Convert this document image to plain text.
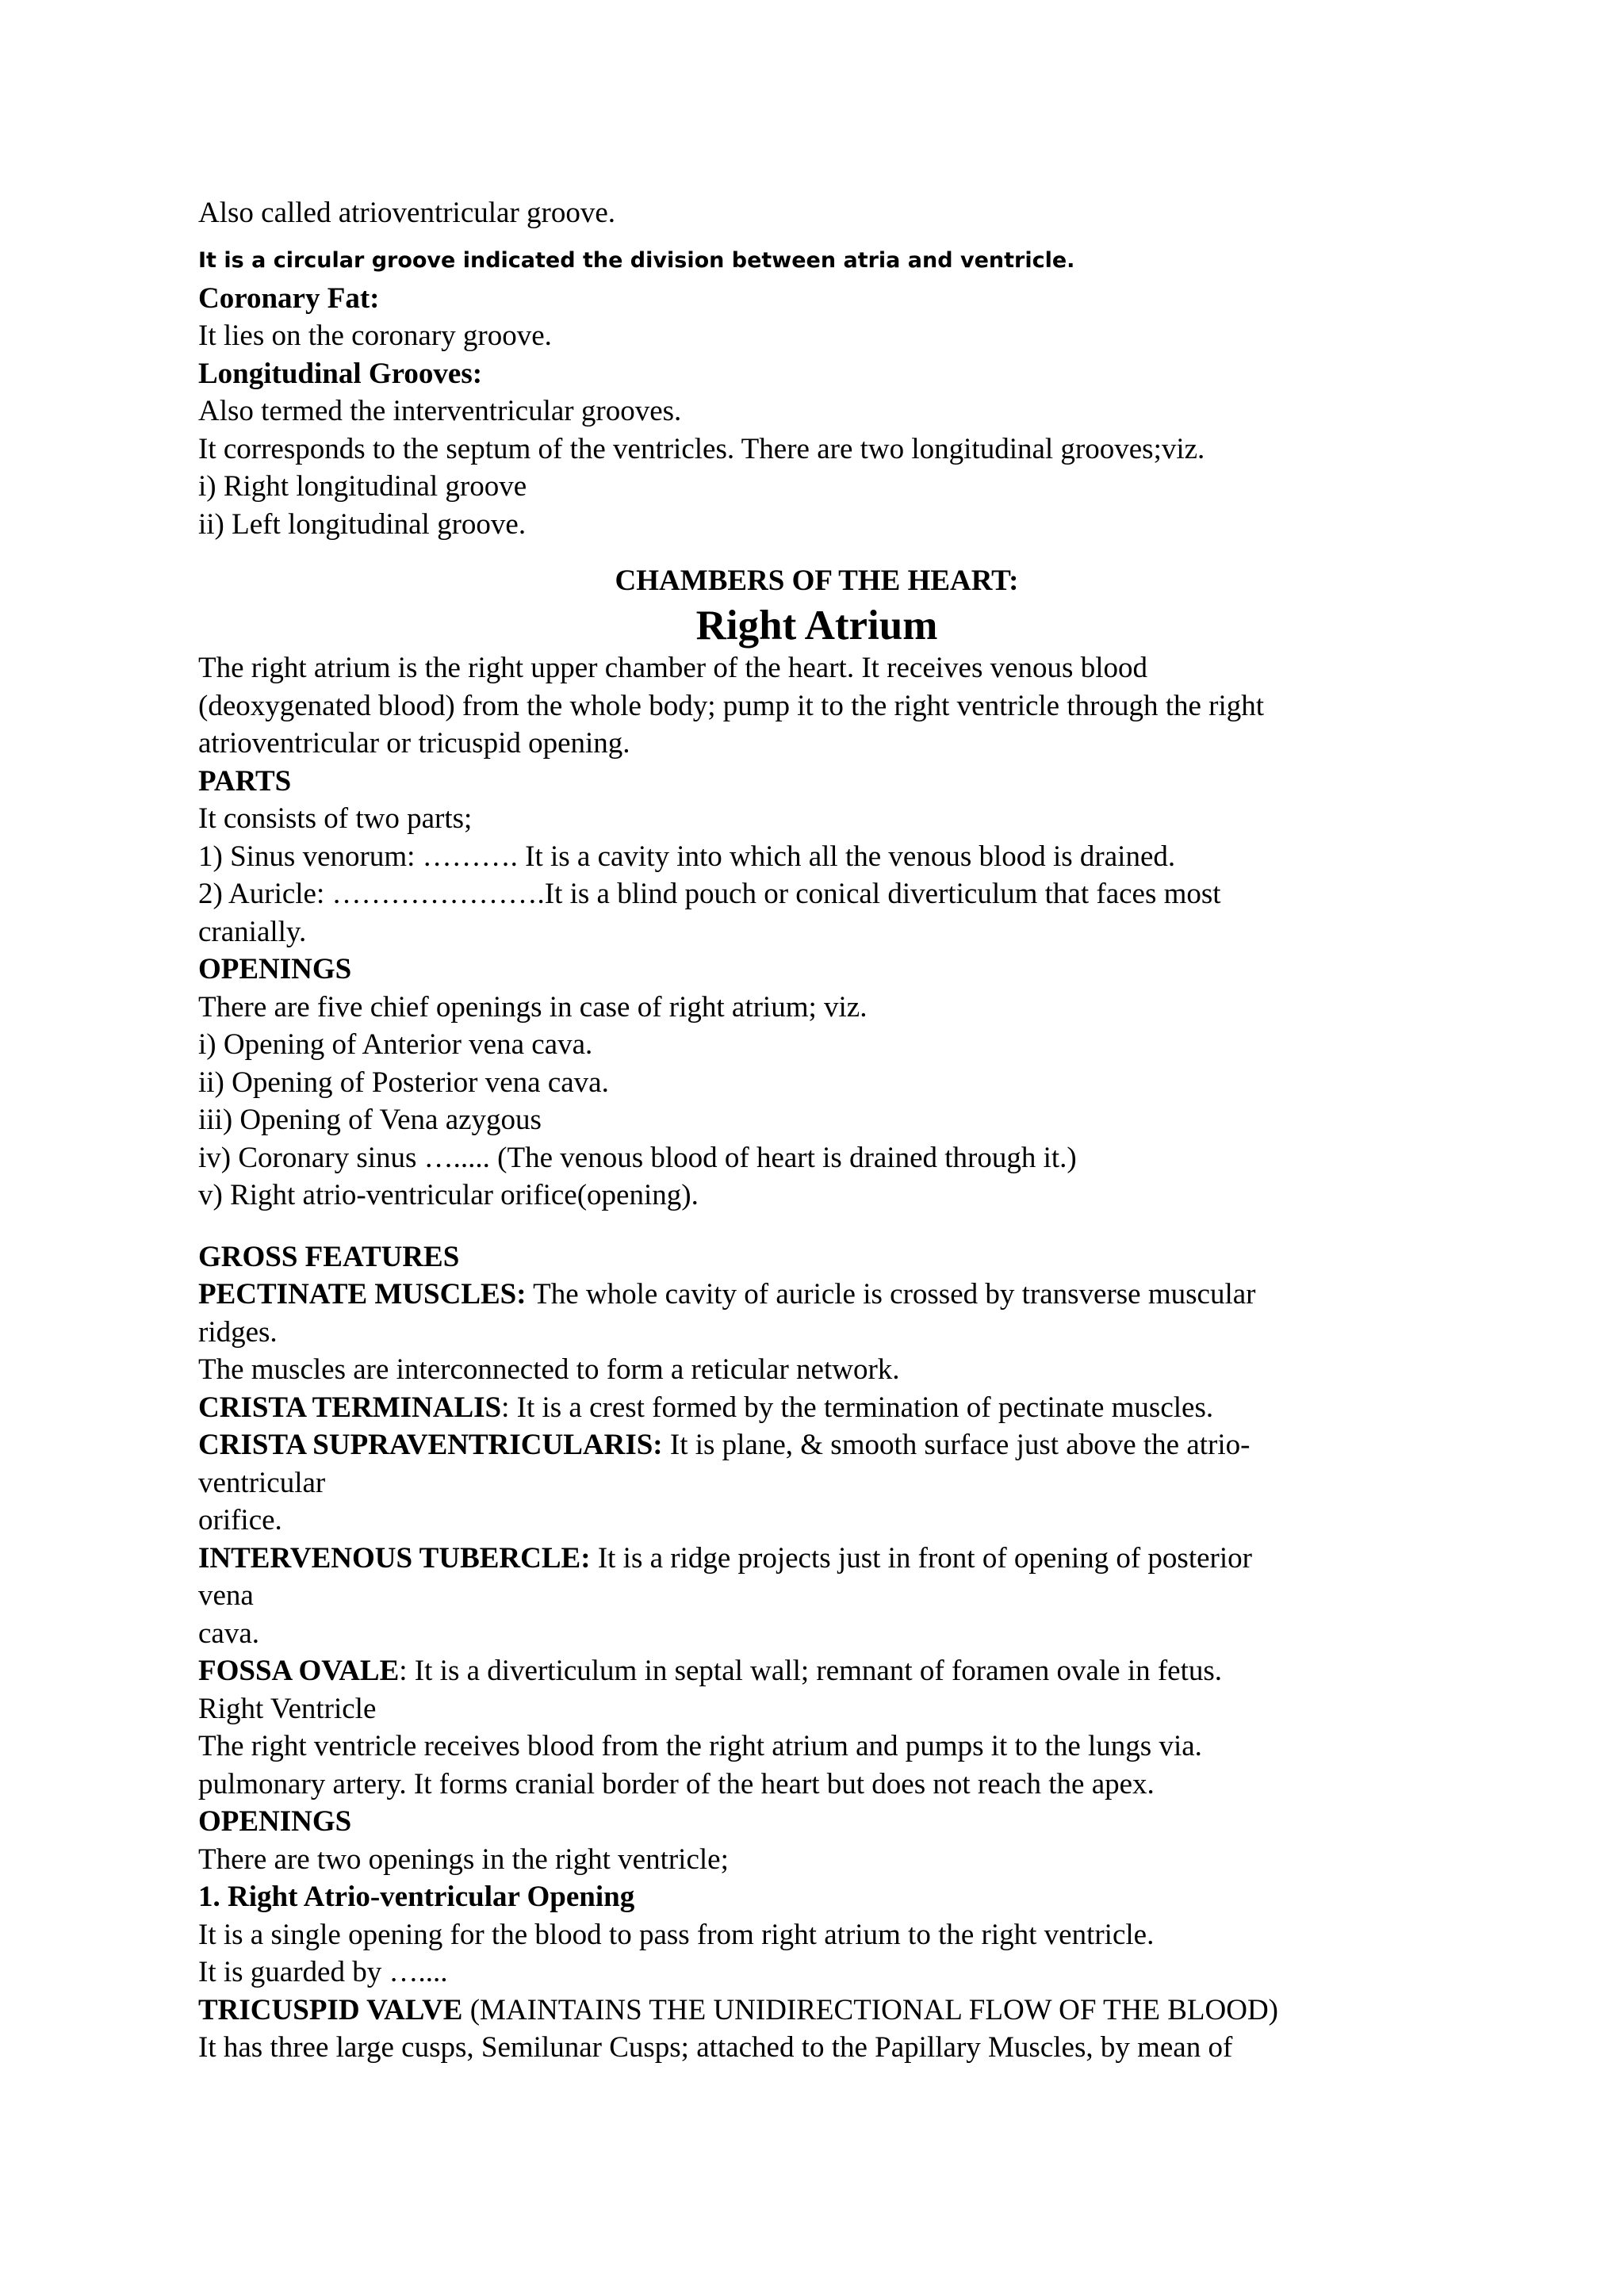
Also called atrioventricular groove.

It is a circular groove indicated the division between atria and ventricle.

Coronary Fat:

It lies on the coronary groove.

Longitudinal Grooves:

Also termed the interventricular grooves.

It corresponds to the septum of the ventricles. There are two longitudinal grooves;viz.

i) Right longitudinal groove

ii) Left longitudinal groove.

CHAMBERS OF THE HEART:

Right Atrium

The right atrium is the right upper chamber of the heart. It receives venous blood

(deoxygenated blood) from the whole body; pump it to the right ventricle through the right

atrioventricular or tricuspid opening.

PARTS

It consists of two parts;

1) Sinus venorum: ………. It is a cavity into which all the venous blood is drained.

2) Auricle: ………………….It is a blind pouch or conical diverticulum that faces most

cranially.

OPENINGS

There are five chief openings in case of right atrium; viz.

i) Opening of Anterior vena cava.

ii) Opening of Posterior vena cava.

iii) Opening of Vena azygous

iv) Coronary sinus …..... (The venous blood of heart is drained through it.)

v) Right atrio-ventricular orifice(opening).

GROSS FEATURES

PECTINATE MUSCLES: The whole cavity of auricle is crossed by transverse muscular

ridges.

The muscles are interconnected to form a reticular network.

CRISTA TERMINALIS: It is a crest formed by the termination of pectinate muscles.

CRISTA SUPRAVENTRICULARIS: It is plane, & smooth surface just above the atrio-

ventricular

orifice.

INTERVENOUS TUBERCLE: It is a ridge projects just in front of opening of posterior

vena

cava.

FOSSA OVALE: It is a diverticulum in septal wall; remnant of foramen ovale in fetus.

Right Ventricle

The right ventricle receives blood from the right atrium and pumps it to the lungs via.

pulmonary artery. It forms cranial border of the heart but does not reach the apex.

OPENINGS

There are two openings in the right ventricle;

1. Right Atrio-ventricular Opening

It is a single opening for the blood to pass from right atrium to the right ventricle.

It is guarded by …....

TRICUSPID VALVE (MAINTAINS THE UNIDIRECTIONAL FLOW OF THE BLOOD)

It has three large cusps, Semilunar Cusps; attached to the Papillary Muscles, by mean of
